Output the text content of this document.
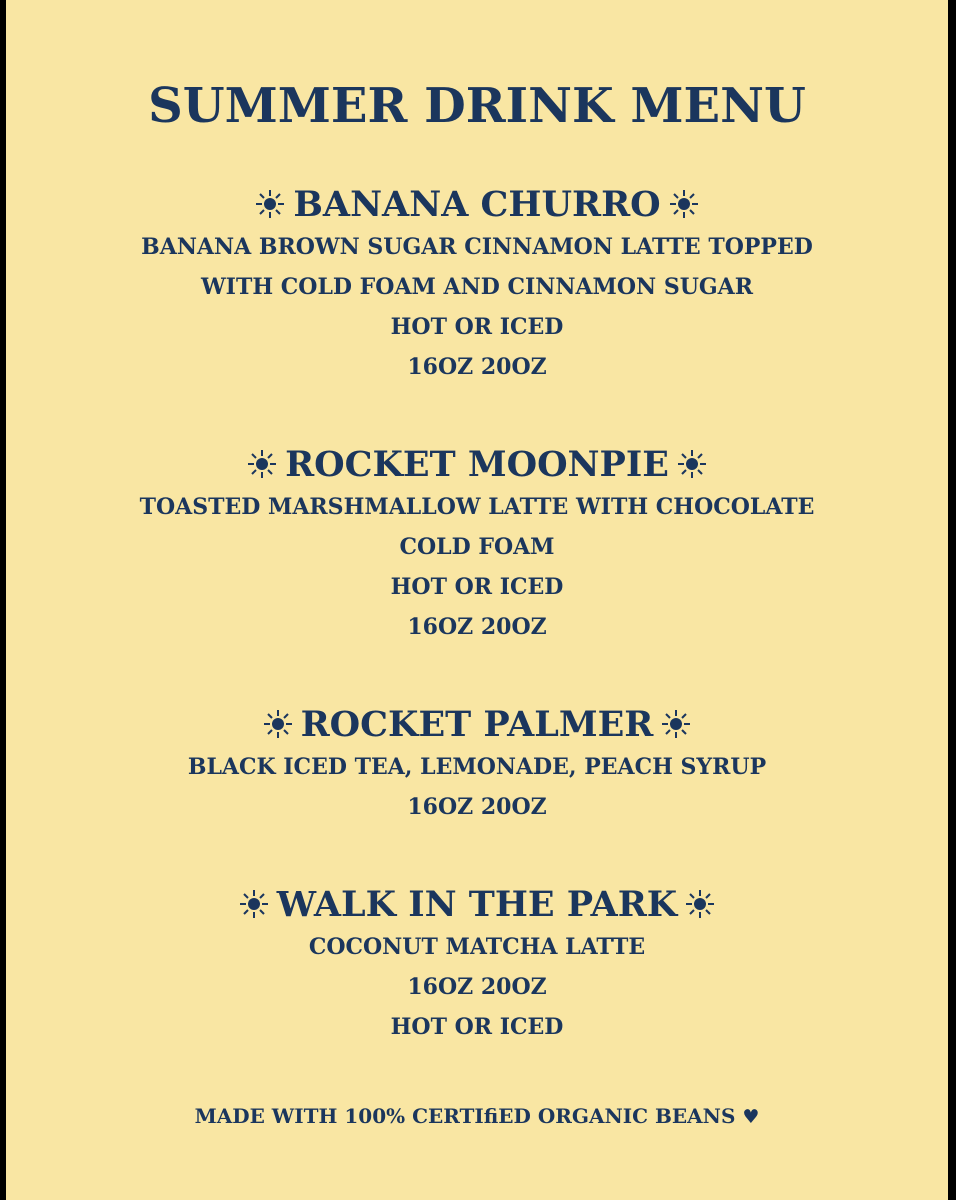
SUMMER DRINK MENU
BANANA CHURRO

BANANA BROWN SUGAR CINNAMON LATTE TOPPED

WITH COLD FOAM AND CINNAMON SUGAR

HOT OR ICED

16OZ 20OZ

ROCKET MOONPIE

TOASTED MARSHMALLOW LATTE WITH CHOCOLATE

COLD FOAM

HOT OR ICED

16OZ 20OZ

ROCKET PALMER

BLACK ICED TEA, LEMONADE, PEACH SYRUP

16OZ 20OZ

WALK IN THE PARK

COCONUT MATCHA LATTE

16OZ 20OZ

HOT OR ICED

MADE WITH 100% CERTIfiED ORGANIC BEANS ♥
